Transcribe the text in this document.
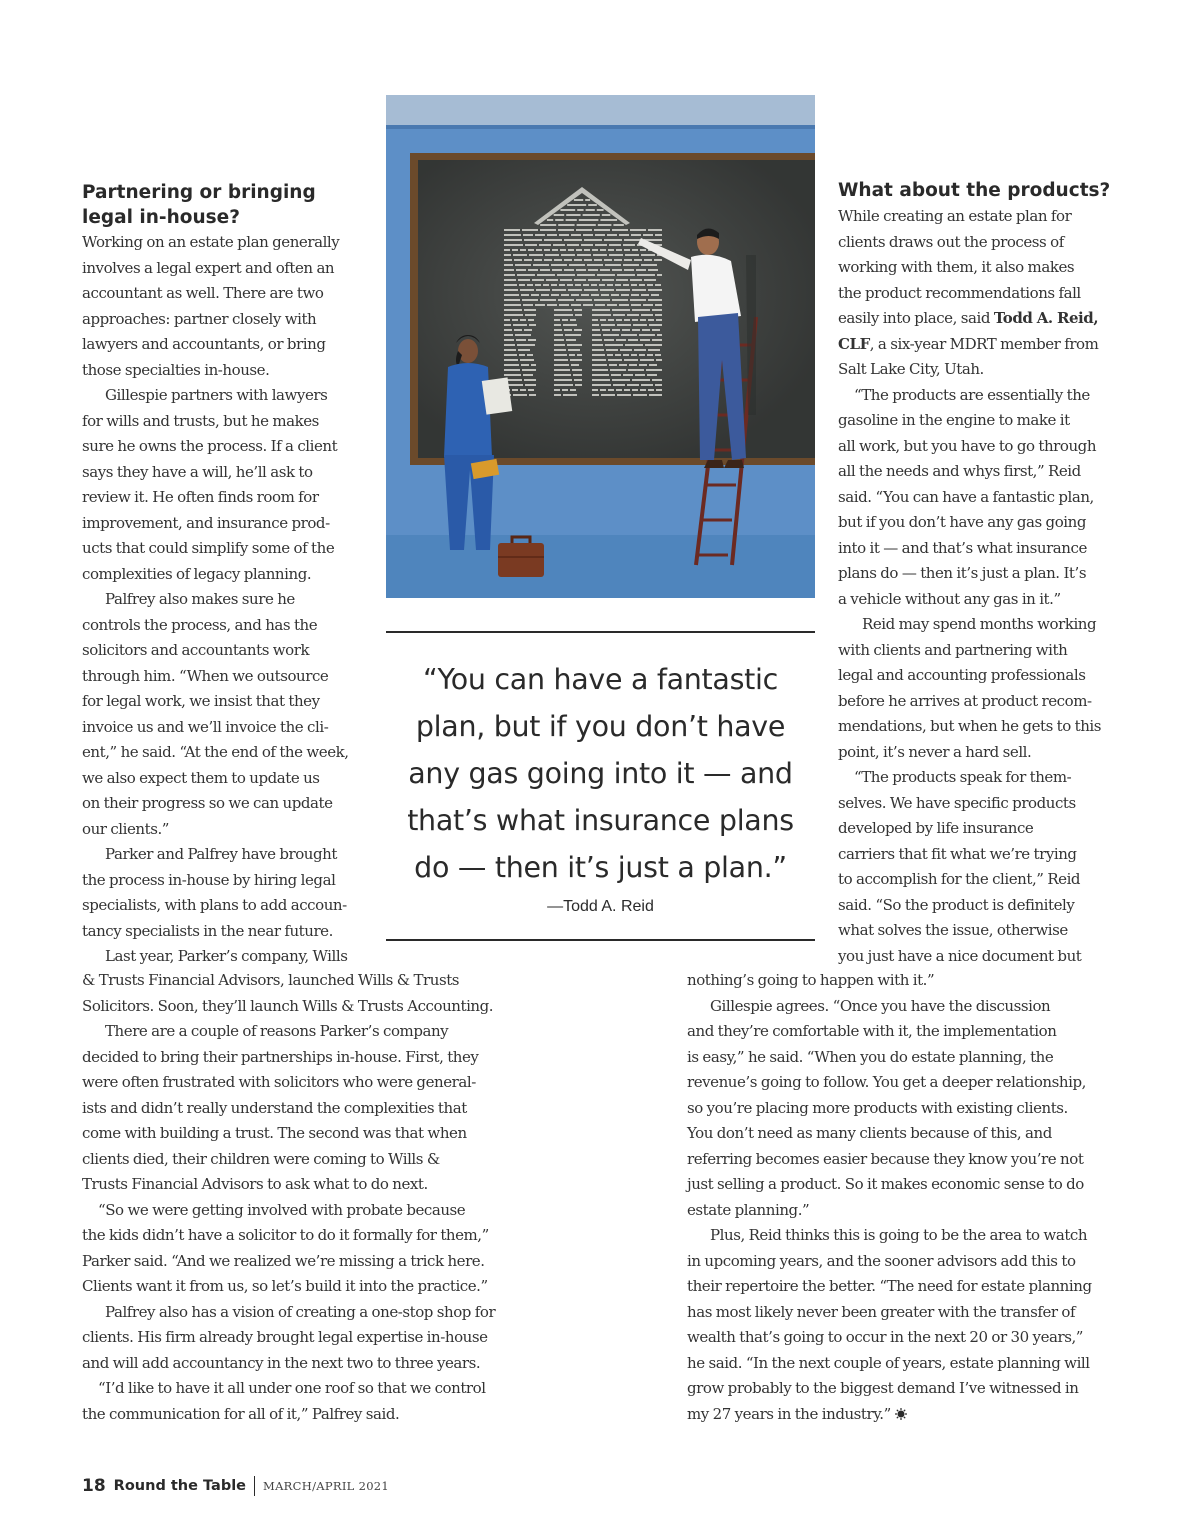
Partnering or bringing
legal in-house?
Working on an estate plan generally
involves a legal expert and often an
accountant as well. There are two
approaches: partner closely with
lawyers and accountants, or bring
those specialties in-house.
Gillespie partners with lawyers
for wills and trusts, but he makes
sure he owns the process. If a client
says they have a will, he’ll ask to
review it. He often finds room for
improvement, and insurance prod-
ucts that could simplify some of the
complexities of legacy planning.
Palfrey also makes sure he
controls the process, and has the
solicitors and accountants work
through him. “When we outsource
for legal work, we insist that they
invoice us and we’ll invoice the cli-
ent,” he said. “At the end of the week,
we also expect them to update us
on their progress so we can update
our clients.”
Parker and Palfrey have brought
the process in-house by hiring legal
specialists, with plans to add accoun-
tancy specialists in the near future.
Last year, Parker’s company, Wills
& Trusts Financial Advisors, launched Wills & Trusts
Solicitors. Soon, they’ll launch Wills & Trusts Accounting.
There are a couple of reasons Parker’s company
decided to bring their partnerships in-house. First, they
were often frustrated with solicitors who were general-
ists and didn’t really understand the complexities that
come with building a trust. The second was that when
clients died, their children were coming to Wills &
Trusts Financial Advisors to ask what to do next.
“So we were getting involved with probate because
the kids didn’t have a solicitor to do it formally for them,”
Parker said. “And we realized we’re missing a trick here.
Clients want it from us, so let’s build it into the practice.”
Palfrey also has a vision of creating a one-stop shop for
clients. His firm already brought legal expertise in-house
and will add accountancy in the next two to three years.
“I’d like to have it all under one roof so that we control
the communication for all of it,” Palfrey said.
What about the products?
While creating an estate plan for
clients draws out the process of
working with them, it also makes
the product recommendations fall
easily into place, said Todd A. Reid,
CLF, a six-year MDRT member from
Salt Lake City, Utah.
“The products are essentially the
gasoline in the engine to make it
all work, but you have to go through
all the needs and whys first,” Reid
said. “You can have a fantastic plan,
but if you don’t have any gas going
into it — and that’s what insurance
plans do — then it’s just a plan. It’s
a vehicle without any gas in it.”
Reid may spend months working
with clients and partnering with
legal and accounting professionals
before he arrives at product recom-
mendations, but when he gets to this
point, it’s never a hard sell.
“The products speak for them-
selves. We have specific products
developed by life insurance
carriers that fit what we’re trying
to accomplish for the client,” Reid
said. “So the product is definitely
what solves the issue, otherwise
you just have a nice document but
nothing’s going to happen with it.”
Gillespie agrees. “Once you have the discussion
and they’re comfortable with it, the implementation
is easy,” he said. “When you do estate planning, the
revenue’s going to follow. You get a deeper relationship,
so you’re placing more products with existing clients.
You don’t need as many clients because of this, and
referring becomes easier because they know you’re not
just selling a product. So it makes economic sense to do
estate planning.”
Plus, Reid thinks this is going to be the area to watch
in upcoming years, and the sooner advisors add this to
their repertoire the better. “The need for estate planning
has most likely never been greater with the transfer of
wealth that’s going to occur in the next 20 or 30 years,”
he said. “In the next couple of years, estate planning will
grow probably to the biggest demand I’ve witnessed in
my 27 years in the industry.”
“You can have a fantastic
plan, but if you don’t have
any gas going into it — and
that’s what insurance plans
do — then it’s just a plan.”
—Todd A. Reid
18 Round the Table MARCH/APRIL 2021
